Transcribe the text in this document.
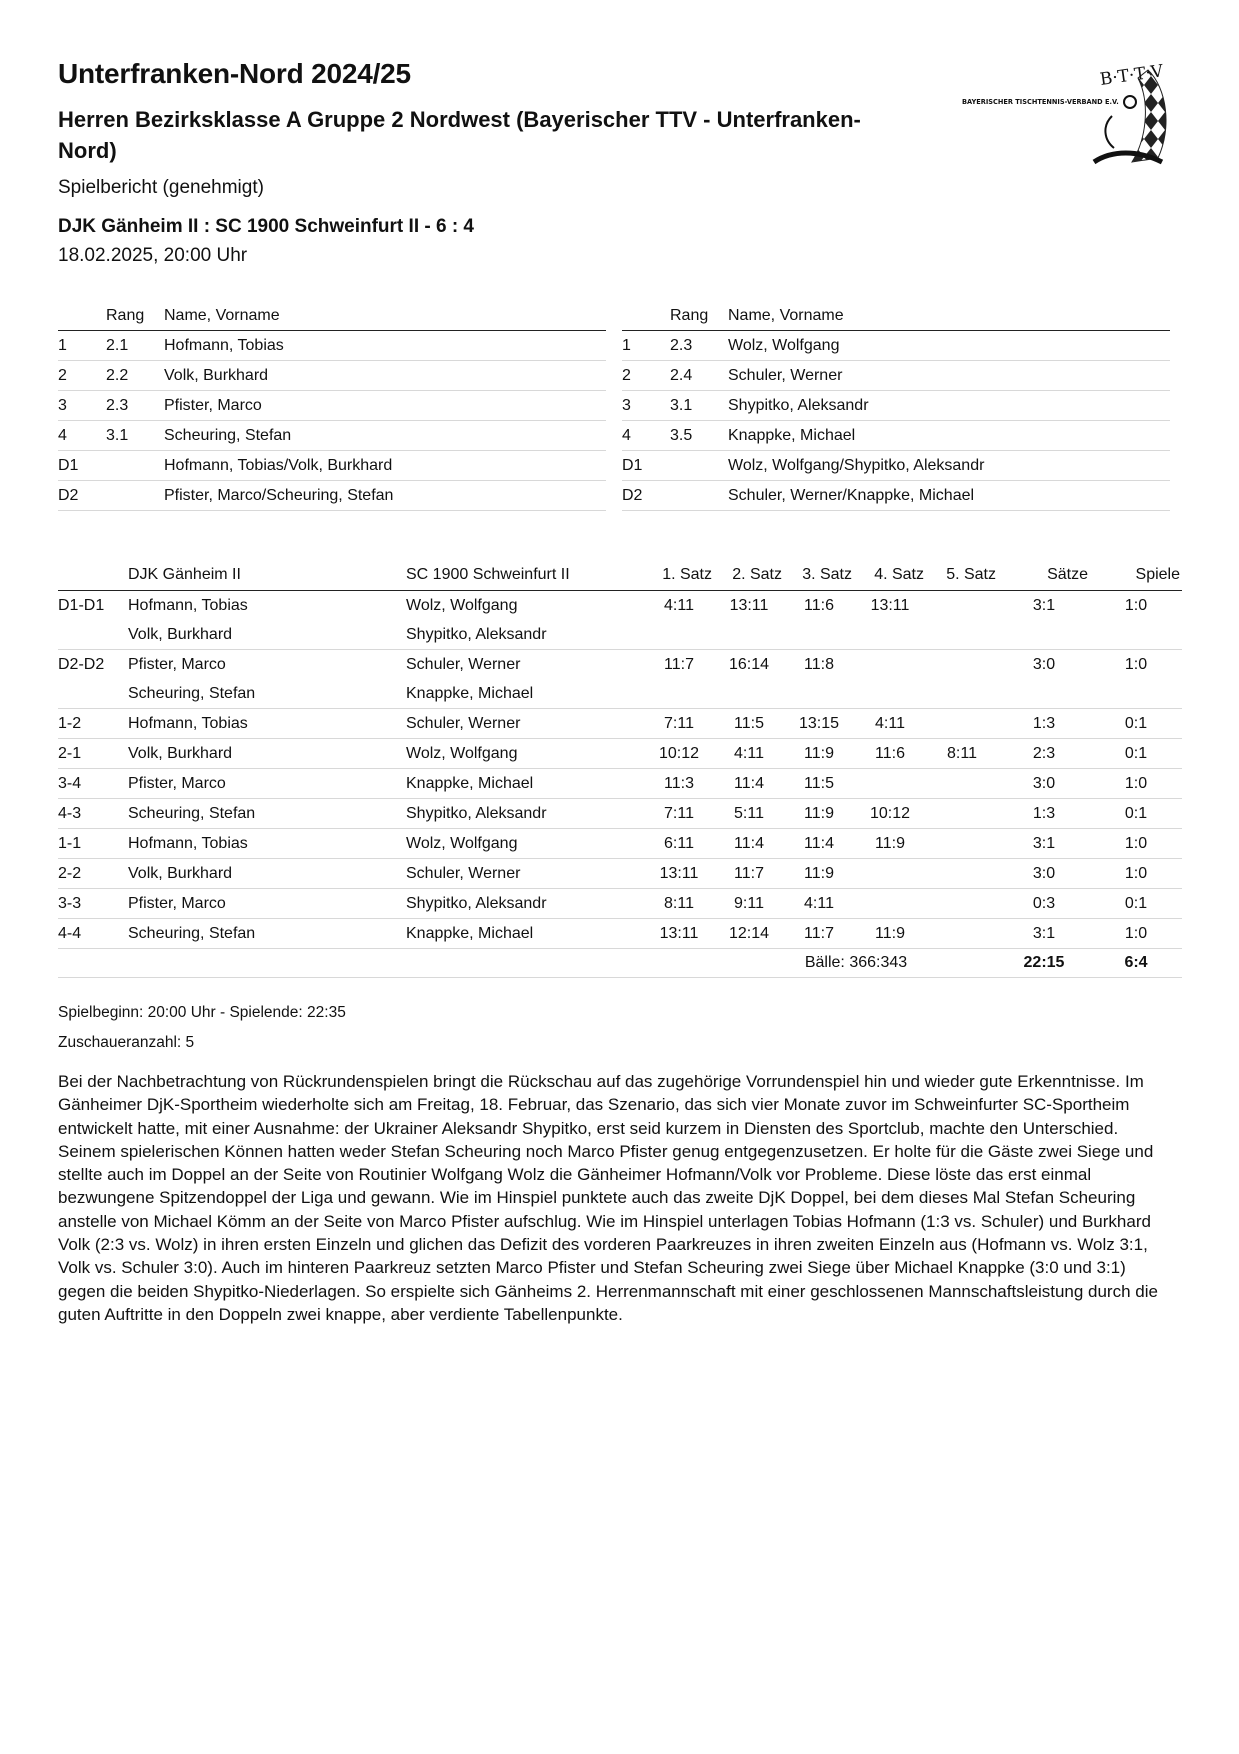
Unterfranken-Nord 2024/25
Herren Bezirksklasse A Gruppe 2 Nordwest (Bayerischer TTV - Unterfranken-Nord)
Spielbericht (genehmigt)
DJK Gänheim II : SC 1900 Schweinfurt II - 6 : 4
18.02.2025, 20:00 Uhr
B·T·T·V
BAYERISCHER TISCHTENNIS-VERBAND E.V.
	Rang	Name, Vorname
1	2.1	Hofmann, Tobias
2	2.2	Volk, Burkhard
3	2.3	Pfister, Marco
4	3.1	Scheuring, Stefan
D1		Hofmann, Tobias/Volk, Burkhard
D2		Pfister, Marco/Scheuring, Stefan
	Rang	Name, Vorname
1	2.3	Wolz, Wolfgang
2	2.4	Schuler, Werner
3	3.1	Shypitko, Aleksandr
4	3.5	Knappke, Michael
D1		Wolz, Wolfgang/Shypitko, Aleksandr
D2		Schuler, Werner/Knappke, Michael
	DJK Gänheim II	SC 1900 Schweinfurt II	1. Satz	2. Satz	3. Satz	4. Satz	5. Satz	Sätze	Spiele
D1-D1	Hofmann, Tobias	Wolz, Wolfgang	4:11	13:11	11:6	13:11		3:1	1:0
	Volk, Burkhard	Shypitko, Aleksandr							
D2-D2	Pfister, Marco	Schuler, Werner	11:7	16:14	11:8			3:0	1:0
	Scheuring, Stefan	Knappke, Michael							
1-2	Hofmann, Tobias	Schuler, Werner	7:11	11:5	13:15	4:11		1:3	0:1
2-1	Volk, Burkhard	Wolz, Wolfgang	10:12	4:11	11:9	11:6	8:11	2:3	0:1
3-4	Pfister, Marco	Knappke, Michael	11:3	11:4	11:5			3:0	1:0
4-3	Scheuring, Stefan	Shypitko, Aleksandr	7:11	5:11	11:9	10:12		1:3	0:1
1-1	Hofmann, Tobias	Wolz, Wolfgang	6:11	11:4	11:4	11:9		3:1	1:0
2-2	Volk, Burkhard	Schuler, Werner	13:11	11:7	11:9			3:0	1:0
3-3	Pfister, Marco	Shypitko, Aleksandr	8:11	9:11	4:11			0:3	0:1
4-4	Scheuring, Stefan	Knappke, Michael	13:11	12:14	11:7	11:9		3:1	1:0
				Bälle: 366:343				22:15	6:4
Spielbeginn: 20:00 Uhr - Spielende: 22:35
Zuschaueranzahl: 5

Bei der Nachbetrachtung von Rückrundenspielen bringt die Rückschau auf das zugehörige Vorrundenspiel hin und wieder gute Erkenntnisse. Im Gänheimer DjK-Sportheim wiederholte sich am Freitag, 18. Februar, das Szenario, das sich vier Monate zuvor im Schweinfurter SC-Sportheim entwickelt hatte, mit einer Ausnahme: der Ukrainer Aleksandr Shypitko, erst seid kurzem in Diensten des Sportclub, machte den Unterschied. Seinem spielerischen Können hatten weder Stefan Scheuring noch Marco Pfister genug entgegenzusetzen. Er holte für die Gäste zwei Siege und stellte auch im Doppel an der Seite von Routinier Wolfgang Wolz die Gänheimer Hofmann/Volk vor Probleme. Diese löste das erst einmal bezwungene Spitzendoppel der Liga und gewann. Wie im Hinspiel punktete auch das zweite DjK Doppel, bei dem dieses Mal Stefan Scheuring anstelle von Michael Kömm an der Seite von Marco Pfister aufschlug. Wie im Hinspiel unterlagen Tobias Hofmann (1:3 vs. Schuler) und Burkhard Volk (2:3 vs. Wolz) in ihren ersten Einzeln und glichen das Defizit des vorderen Paarkreuzes in ihren zweiten Einzeln aus (Hofmann vs. Wolz 3:1, Volk vs. Schuler 3:0). Auch im hinteren Paarkreuz setzten Marco Pfister und Stefan Scheuring zwei Siege über Michael Knappke (3:0 und 3:1) gegen die beiden Shypitko-Niederlagen. So erspielte sich Gänheims 2. Herrenmannschaft mit einer geschlossenen Mannschaftsleistung durch die guten Auftritte in den Doppeln zwei knappe, aber verdiente Tabellenpunkte.
